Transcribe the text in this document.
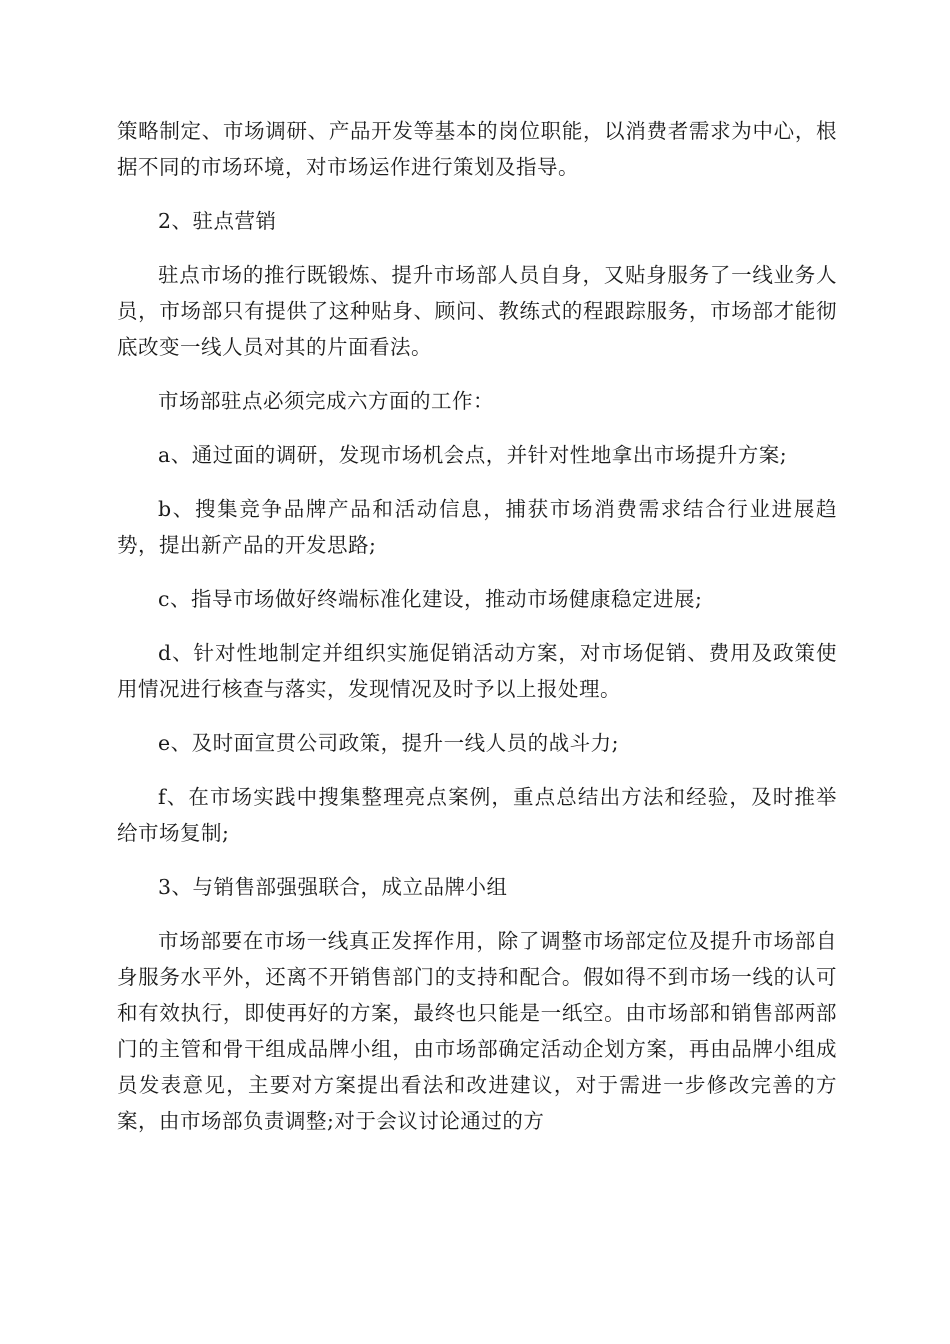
策略制定、市场调研、产品开发等基本的岗位职能，以消费者需求为中心，根据不同的市场环境，对市场运作进行策划及指导。

2、驻点营销

驻点市场的推行既锻炼、提升市场部人员自身，又贴身服务了一线业务人员，市场部只有提供了这种贴身、顾问、教练式的程跟踪服务，市场部才能彻底改变一线人员对其的片面看法。

市场部驻点必须完成六方面的工作：

a、通过面的调研，发现市场机会点，并针对性地拿出市场提升方案;

b、搜集竞争品牌产品和活动信息，捕获市场消费需求结合行业进展趋势，提出新产品的开发思路;

c、指导市场做好终端标准化建设，推动市场健康稳定进展;

d、针对性地制定并组织实施促销活动方案，对市场促销、费用及政策使用情况进行核查与落实，发现情况及时予以上报处理。

e、及时面宣贯公司政策，提升一线人员的战斗力;

f、在市场实践中搜集整理亮点案例，重点总结出方法和经验，及时推举给市场复制;

3、与销售部强强联合，成立品牌小组

市场部要在市场一线真正发挥作用，除了调整市场部定位及提升市场部自身服务水平外，还离不开销售部门的支持和配合。假如得不到市场一线的认可和有效执行，即使再好的方案，最终也只能是一纸空。由市场部和销售部两部门的主管和骨干组成品牌小组，由市场部确定活动企划方案，再由品牌小组成员发表意见，主要对方案提出看法和改进建议，对于需进一步修改完善的方案，由市场部负责调整;对于会议讨论通过的方
